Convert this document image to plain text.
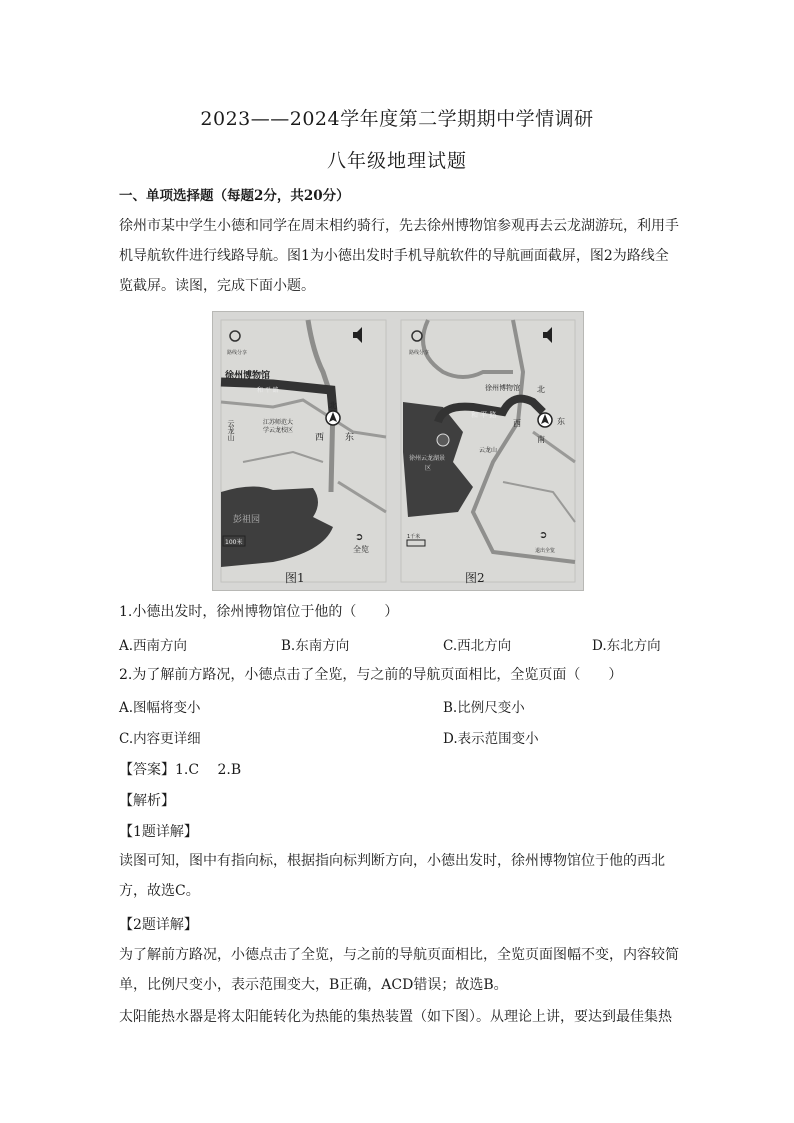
2023——2024学年度第二学期期中学情调研
八年级地理试题
一、单项选择题（每题2分，共20分）
徐州市某中学生小德和同学在周末相约骑行，先去徐州博物馆参观再去云龙湖游玩，利用手机导航软件进行线路导航。图1为小德出发时手机导航软件的导航画面截屏，图2为路线全览截屏。读图，完成下面小题。
➲
路线分享
徐州博物馆
和 平 路
江苏师范大
学云龙校区
云龙山
北
西 东
彭祖园
100米
全览
图1
➲
路线分享
徐州博物馆 北
和 平 路
西	东
南
云龙山
徐州云龙湖景
区
1千米
退出全览
图2
1.小德出发时，徐州博物馆位于他的（　　）
A.西南方向	B.东南方向	C.西北方向	D.东北方向
2.为了解前方路况，小德点击了全览，与之前的导航页面相比，全览页面（　　）
A.图幅将变小	B.比例尺变小
C.内容更详细	D.表示范围变小
【答案】1.C　 2.B
【解析】
【1题详解】
读图可知，图中有指向标，根据指向标判断方向，小德出发时，徐州博物馆位于他的西北方，故选C。
【2题详解】
为了解前方路况，小德点击了全览，与之前的导航页面相比，全览页面图幅不变，内容较简单，比例尺变小，表示范围变大，B正确，ACD错误；故选B。
太阳能热水器是将太阳能转化为热能的集热装置（如下图）。从理论上讲，要达到最佳集热
